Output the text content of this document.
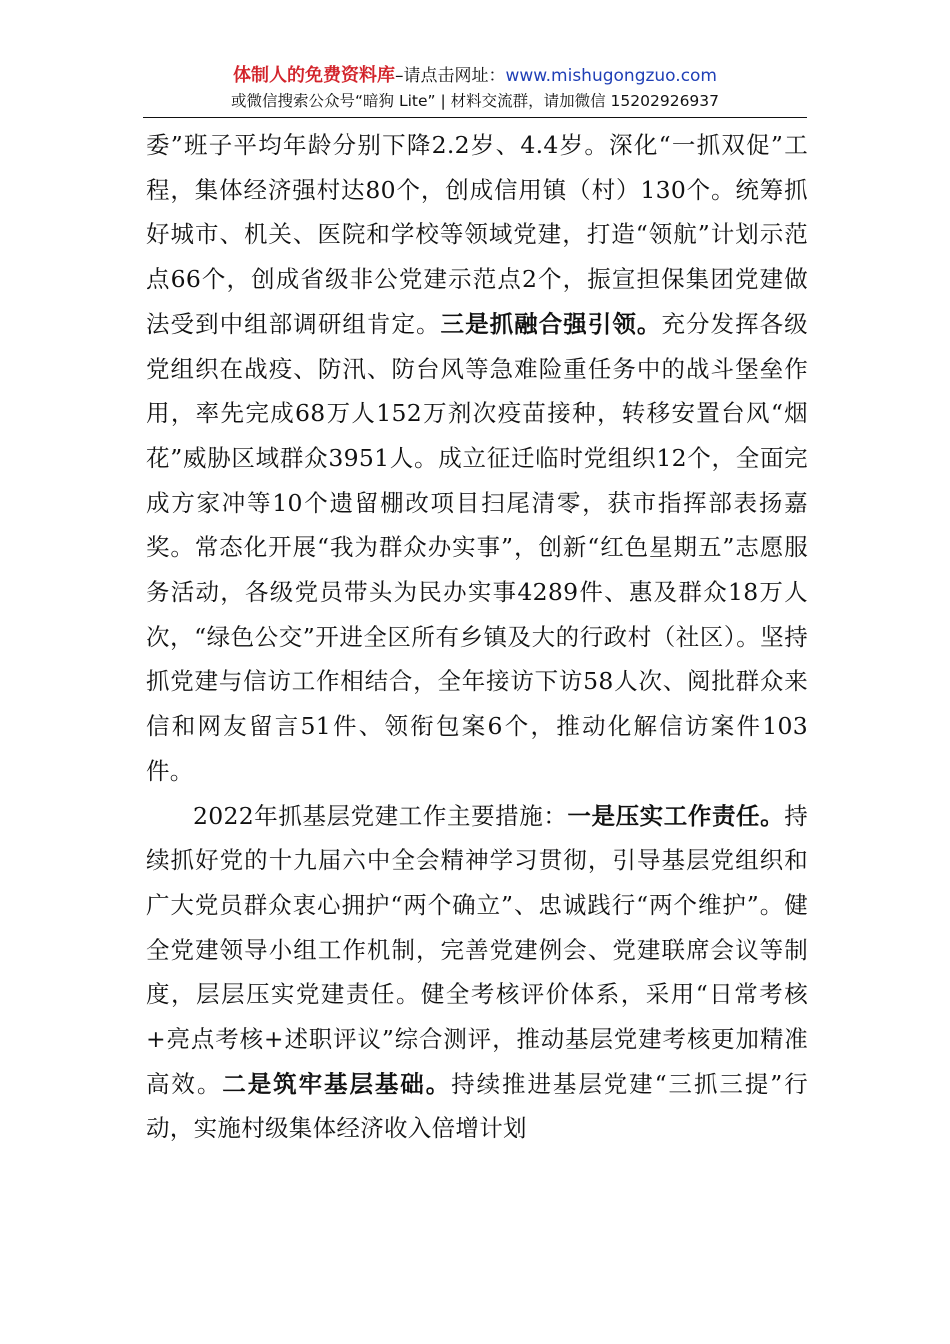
体制人的免费资料库–请点击网址：www.mishugongzuo.com
或微信搜索公众号“暗狗 Lite” | 材料交流群，请加微信 15202926937

委”班子平均年龄分别下降2.2岁、4.4岁。深化“一抓双促”工程，集体经济强村达80个，创成信用镇（村）130个。统筹抓好城市、机关、医院和学校等领域党建，打造“领航”计划示范点66个，创成省级非公党建示范点2个，振宣担保集团党建做法受到中组部调研组肯定。三是抓融合强引领。充分发挥各级党组织在战疫、防汛、防台风等急难险重任务中的战斗堡垒作用，率先完成68万人152万剂次疫苗接种，转移安置台风“烟花”威胁区域群众3951人。成立征迁临时党组织12个，全面完成方家冲等10个遗留棚改项目扫尾清零，获市指挥部表扬嘉奖。常态化开展“我为群众办实事”，创新“红色星期五”志愿服务活动，各级党员带头为民办实事4289件、惠及群众18万人次，“绿色公交”开进全区所有乡镇及大的行政村（社区）。坚持抓党建与信访工作相结合，全年接访下访58人次、阅批群众来信和网友留言51件、领衔包案6个，推动化解信访案件103件。

2022年抓基层党建工作主要措施：一是压实工作责任。持续抓好党的十九届六中全会精神学习贯彻，引导基层党组织和广大党员群众衷心拥护“两个确立”、忠诚践行“两个维护”。健全党建领导小组工作机制，完善党建例会、党建联席会议等制度，层层压实党建责任。健全考核评价体系，采用“日常考核+亮点考核+述职评议”综合测评，推动基层党建考核更加精准高效。二是筑牢基层基础。持续推进基层党建“三抓三提”行动，实施村级集体经济收入倍增计划
